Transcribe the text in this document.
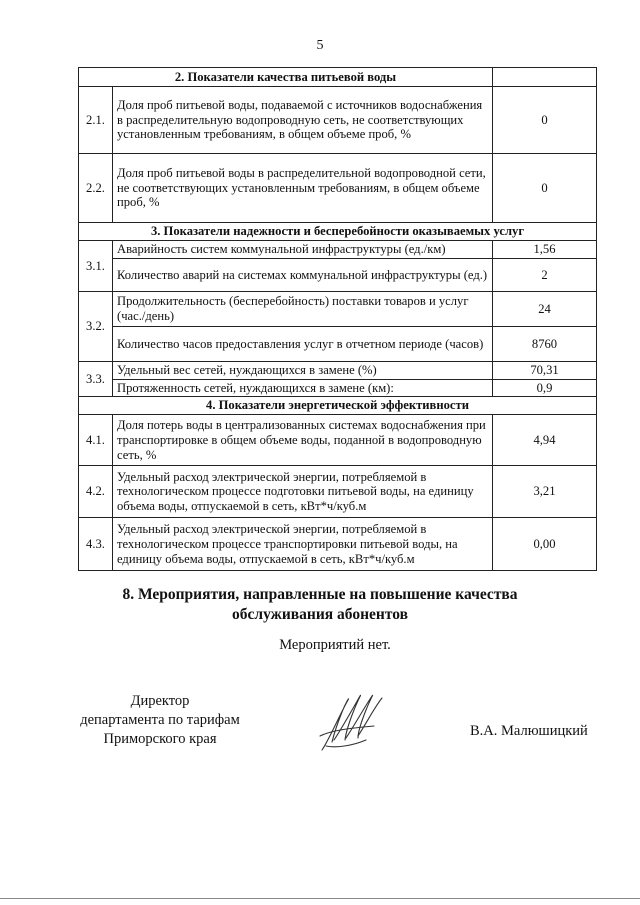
5
2. Показатели качества питьевой воды		
2.1.	Доля проб питьевой воды, подаваемой с источников водоснабжения в распределительную водопроводную сеть, не соответствующих установленным требованиям, в общем объеме проб, %	0
2.2.	Доля проб питьевой воды в распределительной водопроводной сети, не соответствующих установленным требованиям, в общем объеме проб, %	0
3. Показатели надежности и бесперебойности оказываемых услуг		
3.1.	Аварийность систем коммунальной инфраструктуры (ед./км)	1,56
	Количество аварий на системах коммунальной инфраструктуры (ед.)	2
3.2.	Продолжительность (бесперебойность) поставки товаров и услуг (час./день)	24
	Количество часов предоставления услуг в отчетном периоде (часов)	8760
3.3.	Удельный вес сетей, нуждающихся в замене (%)	70,31
	Протяженность сетей, нуждающихся в замене (км):	0,9
4. Показатели энергетической эффективности		
4.1.	Доля потерь воды в централизованных системах водоснабжения при транспортировке в общем объеме воды, поданной в водопроводную сеть, %	4,94
4.2.	Удельный расход электрической энергии, потребляемой в технологическом процессе подготовки питьевой воды, на единицу объема воды, отпускаемой в сеть, кВт*ч/куб.м	3,21
4.3.	Удельный расход электрической энергии, потребляемой в технологическом процессе транспортировки питьевой воды, на единицу объема воды, отпускаемой в сеть, кВт*ч/куб.м	0,00
8. Мероприятия, направленные на повышение качества
обслуживания абонентов
Мероприятий нет.
Директор
департамента по тарифам
Приморского края	В.А. Малюшицкий
